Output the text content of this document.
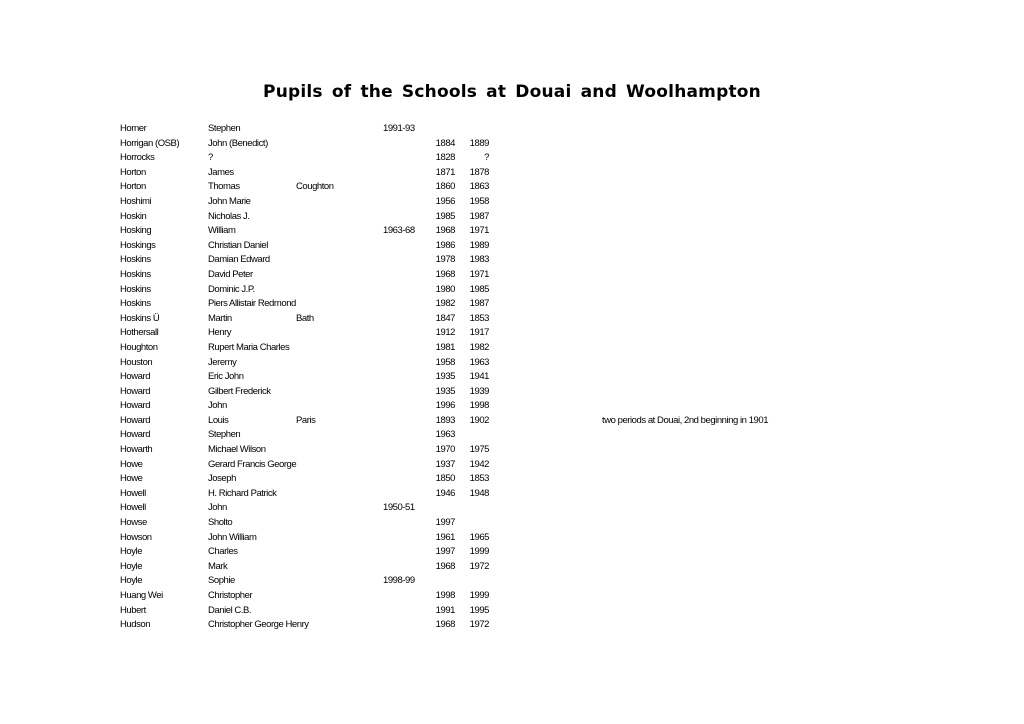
Pupils of the Schools at Douai and Woolhampton
Horner	Stephen	1991-93
Horrigan (OSB)	John (Benedict)	1884	1889
Horrocks	?	1828	?
Horton	James	1871	1878
Horton	Thomas	Coughton	1860	1863
Hoshimi	John Marie	1956	1958
Hoskin	Nicholas J.	1985	1987
Hosking	William	1963-68	1968	1971
Hoskings	Christian Daniel	1986	1989
Hoskins	Damian Edward	1978	1983
Hoskins	David Peter	1968	1971
Hoskins	Dominic J.P.	1980	1985
Hoskins	Piers Allistair Redmond	1982	1987
Hoskins Ü	Martin	Bath	1847	1853
Hothersall	Henry	1912	1917
Houghton	Rupert Maria Charles	1981	1982
Houston	Jeremy	1958	1963
Howard	Eric John	1935	1941
Howard	Gilbert Frederick	1935	1939
Howard	John	1996	1998
Howard	Louis	Paris	1893	1902	two periods at Douai, 2nd beginning in 1901
Howard	Stephen	1963
Howarth	Michael Wilson	1970	1975
Howe	Gerard Francis George	1937	1942
Howe	Joseph	1850	1853
Howell	H. Richard Patrick	1946	1948
Howell	John	1950-51
Howse	Sholto	1997
Howson	John William	1961	1965
Hoyle	Charles	1997	1999
Hoyle	Mark	1968	1972
Hoyle	Sophie	1998-99
Huang Wei	Christopher	1998	1999
Hubert	Daniel C.B.	1991	1995
Hudson	Christopher George Henry	1968	1972
